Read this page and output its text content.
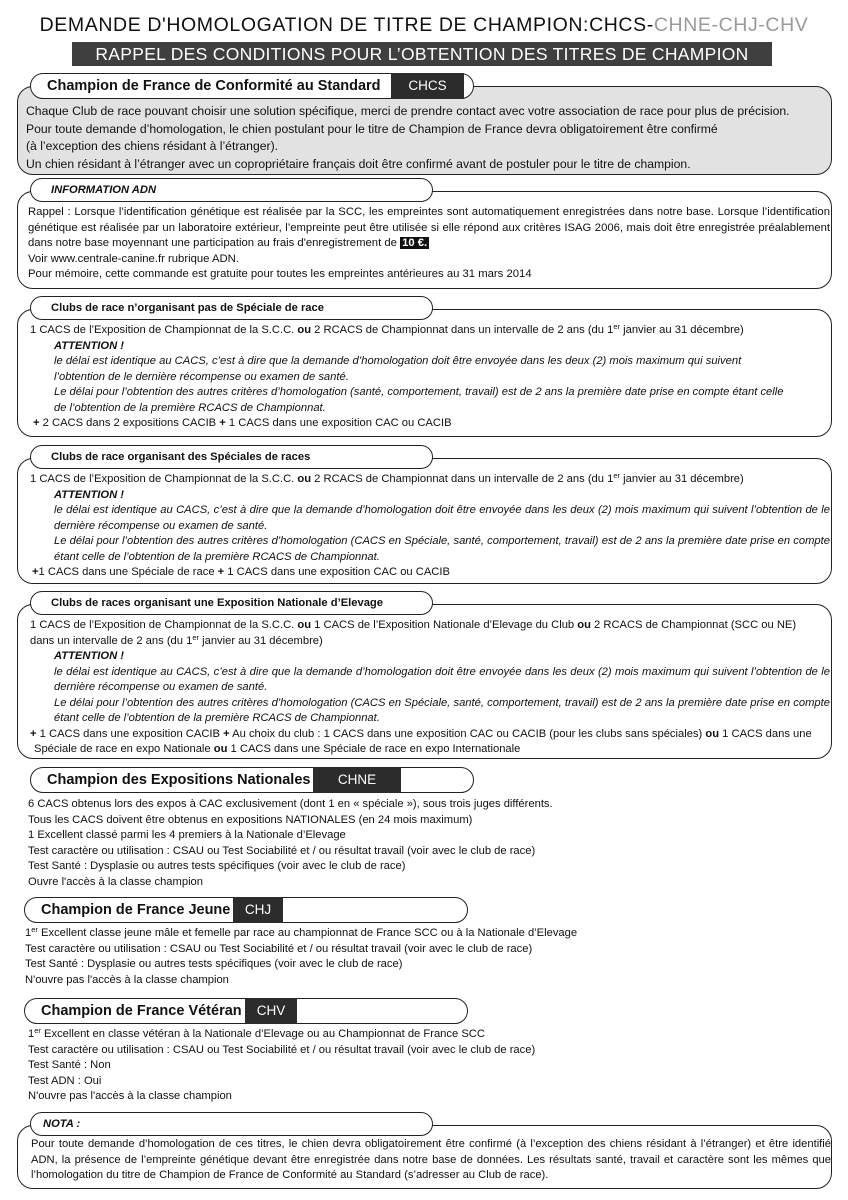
DEMANDE D'HOMOLOGATION DE TITRE DE CHAMPION:CHCS-CHNE-CHJ-CHV
RAPPEL DES CONDITIONS POUR L’OBTENTION DES TITRES DE CHAMPION
Champion de France de Conformité au Standard	CHCS

Chaque Club de race pouvant choisir une solution spécifique, merci de prendre contact avec votre association de race pour plus de précision.

Pour toute demande d’homologation, le chien postulant pour le titre de Champion de France devra obligatoirement être confirmé

(à l’exception des chiens résidant à l’étranger).

Un chien résidant à l’étranger avec un copropriétaire français doit être confirmé avant de postuler pour le titre de champion.

INFORMATION ADN

Rappel : Lorsque l’identification génétique est réalisée par la SCC, les empreintes sont automatiquement enregistrées dans notre base. Lorsque l’identification génétique est réalisée par un laboratoire extérieur, l’empreinte peut être utilisée si elle répond aux critères ISAG 2006, mais doit être enregistrée préalablement dans notre base moyennant une participation au frais d'enregistrement de 10 €.

Voir www.centrale-canine.fr rubrique ADN.

Pour mémoire, cette commande est gratuite pour toutes les empreintes antérieures au 31 mars 2014

Clubs de race n’organisant pas de Spéciale de race

1 CACS de l’Exposition de Championnat de la S.C.C. ou 2 RCACS de Championnat dans un intervalle de 2 ans (du 1er janvier au 31 décembre)

ATTENTION !

le délai est identique au CACS, c’est à dire que la demande d’homologation doit être envoyée dans les deux (2) mois maximum qui suivent

l’obtention de le dernière récompense ou examen de santé.

Le délai pour l’obtention des autres critères d’homologation (santé, comportement, travail) est de 2 ans la première date prise en compte étant celle

de l’obtention de la première RCACS de Championnat.

+ 2 CACS dans 2 expositions CACIB + 1 CACS dans une exposition CAC ou CACIB

Clubs de race organisant des Spéciales de races

1 CACS de l’Exposition de Championnat de la S.C.C. ou 2 RCACS de Championnat dans un intervalle de 2 ans (du 1er janvier au 31 décembre)

ATTENTION !

le délai est identique au CACS, c’est à dire que la demande d’homologation doit être envoyée dans les deux (2) mois maximum qui suivent l’obtention de le dernière récompense ou examen de santé.

Le délai pour l’obtention des autres critères d’homologation (CACS en Spéciale, santé, comportement, travail) est de 2 ans la première date prise en compte étant celle de l’obtention de la première RCACS de Championnat.

+1 CACS dans une Spéciale de race + 1 CACS dans une exposition CAC ou CACIB

Clubs de races organisant une Exposition Nationale d’Elevage

1 CACS de l’Exposition de Championnat de la S.C.C. ou 1 CACS de l’Exposition Nationale d’Elevage du Club ou 2 RCACS de Championnat (SCC ou NE)

dans un intervalle de 2 ans (du 1er janvier au 31 décembre)

ATTENTION !

le délai est identique au CACS, c’est à dire que la demande d’homologation doit être envoyée dans les deux (2) mois maximum qui suivent l’obtention de le dernière récompense ou examen de santé.

Le délai pour l’obtention des autres critères d’homologation (CACS en Spéciale, santé, comportement, travail) est de 2 ans la première date prise en compte étant celle de l’obtention de la première RCACS de Championnat.

+ 1 CACS dans une exposition CACIB + Au choix du club : 1 CACS dans une exposition CAC ou CACIB (pour les clubs sans spéciales) ou 1 CACS dans une

Spéciale de race en expo Nationale ou 1 CACS dans une Spéciale de race en expo Internationale

Champion des Expositions Nationales	CHNE

6 CACS obtenus lors des expos à CAC exclusivement (dont 1 en « spéciale »), sous trois juges différents.

Tous les CACS doivent être obtenus en expositions NATIONALES (en 24 mois maximum)

1 Excellent classé parmi les 4 premiers à la Nationale d’Elevage

Test caractère ou utilisation : CSAU ou Test Sociabilité et / ou résultat travail (voir avec le club de race)

Test Santé : Dysplasie ou autres tests spécifiques (voir avec le club de race)

Ouvre l'accès à la classe champion

Champion de France Jeune	CHJ

1er Excellent classe jeune mâle et femelle par race au championnat de France SCC ou à la Nationale d’Elevage

Test caractère ou utilisation : CSAU ou Test Sociabilité et / ou résultat travail (voir avec le club de race)

Test Santé : Dysplasie ou autres tests spécifiques (voir avec le club de race)

N'ouvre pas l'accès à la classe champion

Champion de France Vétéran	CHV

1er Excellent en classe vétéran à la Nationale d’Elevage ou au Championnat de France SCC

Test caractère ou utilisation : CSAU ou Test Sociabilité et / ou résultat travail (voir avec le club de race)

Test Santé : Non

Test ADN : Oui

N'ouvre pas l'accès à la classe champion

NOTA :

Pour toute demande d’homologation de ces titres, le chien devra obligatoirement être confirmé (à l’exception des chiens résidant à l’étranger) et être identifié ADN, la présence de l’empreinte génétique devant être enregistrée dans notre base de données. Les résultats santé, travail et caractère sont les mêmes que l’homologation du titre de Champion de France de Conformité au Standard (s’adresser au Club de race).
